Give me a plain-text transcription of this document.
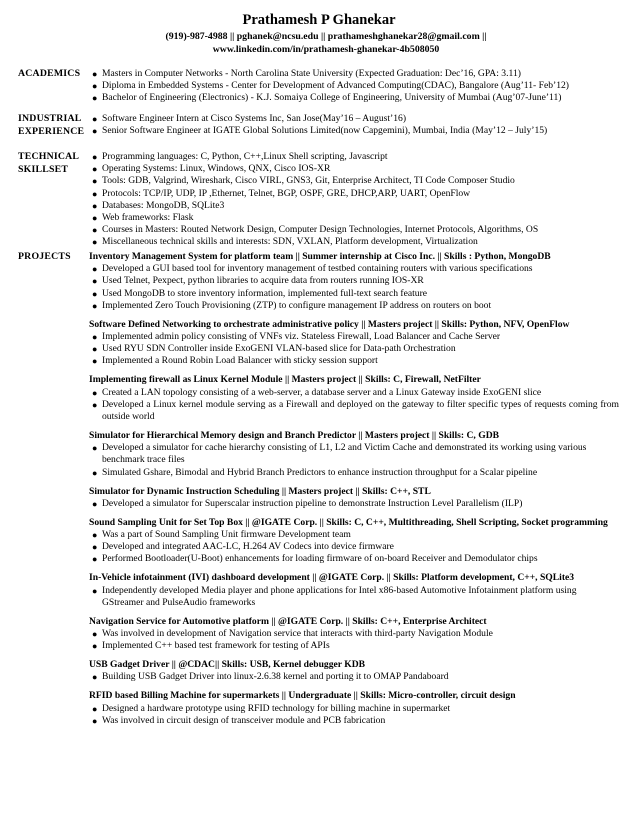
Prathamesh P Ghanekar
(919)-987-4988 || pghanek@ncsu.edu || prathameshghanekar28@gmail.com || www.linkedin.com/in/prathamesh-ghanekar-4b508050
ACADEMICS ● Masters in Computer Networks - North Carolina State University (Expected Graduation: Dec’16, GPA: 3.11)
● Diploma in Embedded Systems - Center for Development of Advanced Computing(CDAC), Bangalore (Aug’11- Feb’12)
● Bachelor of Engineering (Electronics) - K.J. Somaiya College of Engineering, University of Mumbai (Aug’07-June’11)
INDUSTRIAL
EXPERIENCE
● Software Engineer Intern at Cisco Systems Inc, San Jose(May’16 – August’16)
● Senior Software Engineer at IGATE Global Solutions Limited(now Capgemini), Mumbai, India (May’12 – July’15)
TECHNICAL
SKILLSET
● Programming languages: C, Python, C++,Linux Shell scripting, Javascript
● Operating Systems: Linux, Windows, QNX, Cisco IOS-XR
● Tools: GDB, Valgrind, Wireshark, Cisco VIRL, GNS3, Git, Enterprise Architect, TI Code Composer Studio
● Protocols: TCP/IP, UDP, IP ,Ethernet, Telnet, BGP, OSPF, GRE, DHCP,ARP, UART, OpenFlow
● Databases: MongoDB, SQLite3
● Web frameworks: Flask
● Courses in Masters: Routed Network Design, Computer Design Technologies, Internet Protocols, Algorithms, OS
● Miscellaneous technical skills and interests: SDN, VXLAN, Platform development, Virtualization
PROJECTS Inventory Management System for platform team || Summer internship at Cisco Inc. || Skills : Python, MongoDB
● Developed a GUI based tool for inventory management of testbed containing routers with various specifications
● Used Telnet, Pexpect, python libraries to acquire data from routers running IOS-XR
● Used MongoDB to store inventory information, implemented full-text search feature
● Implemented Zero Touch Provisioning (ZTP) to configure management IP address on routers on boot
Software Defined Networking to orchestrate administrative policy || Masters project || Skills: Python, NFV, OpenFlow
● Implemented admin policy consisting of VNFs viz. Stateless Firewall, Load Balancer and Cache Server
● Used RYU SDN Controller inside ExoGENI VLAN-based slice for Data-path Orchestration
● Implemented a Round Robin Load Balancer with sticky session support
Implementing firewall as Linux Kernel Module || Masters project || Skills: C, Firewall, NetFilter
● Created a LAN topology consisting of a web-server, a database server and a Linux Gateway inside ExoGENI slice
● Developed a Linux kernel module serving as a Firewall and deployed on the gateway to filter specific types of requests coming from outside world
Simulator for Hierarchical Memory design and Branch Predictor || Masters project || Skills: C, GDB
● Developed a simulator for cache hierarchy consisting of L1, L2 and Victim Cache and demonstrated its working using various benchmark trace files
● Simulated Gshare, Bimodal and Hybrid Branch Predictors to enhance instruction throughput for a Scalar pipeline
Simulator for Dynamic Instruction Scheduling || Masters project || Skills: C++, STL
● Developed a simulator for Superscalar instruction pipeline to demonstrate Instruction Level Parallelism (ILP)
Sound Sampling Unit for Set Top Box || @IGATE Corp. || Skills: C, C++, Multithreading, Shell Scripting, Socket programming
● Was a part of Sound Sampling Unit firmware Development team
● Developed and integrated AAC-LC, H.264 AV Codecs into device firmware
● Performed Bootloader(U-Boot) enhancements for loading firmware of on-board Receiver and Demodulator chips
In-Vehicle infotainment (IVI) dashboard development || @IGATE Corp. || Skills: Platform development, C++, SQLite3
● Independently developed Media player and phone applications for Intel x86-based Automotive Infotainment platform using GStreamer and PulseAudio frameworks
Navigation Service for Automotive platform || @IGATE Corp. || Skills: C++, Enterprise Architect
● Was involved in development of Navigation service that interacts with third-party Navigation Module
● Implemented C++ based test framework for testing of APIs
USB Gadget Driver || @CDAC|| Skills: USB, Kernel debugger KDB
● Building USB Gadget Driver into linux-2.6.38 kernel and porting it to OMAP Pandaboard
RFID based Billing Machine for supermarkets || Undergraduate || Skills: Micro-controller, circuit design
● Designed a hardware prototype using RFID technology for billing machine in supermarket
● Was involved in circuit design of transceiver module and PCB fabrication
